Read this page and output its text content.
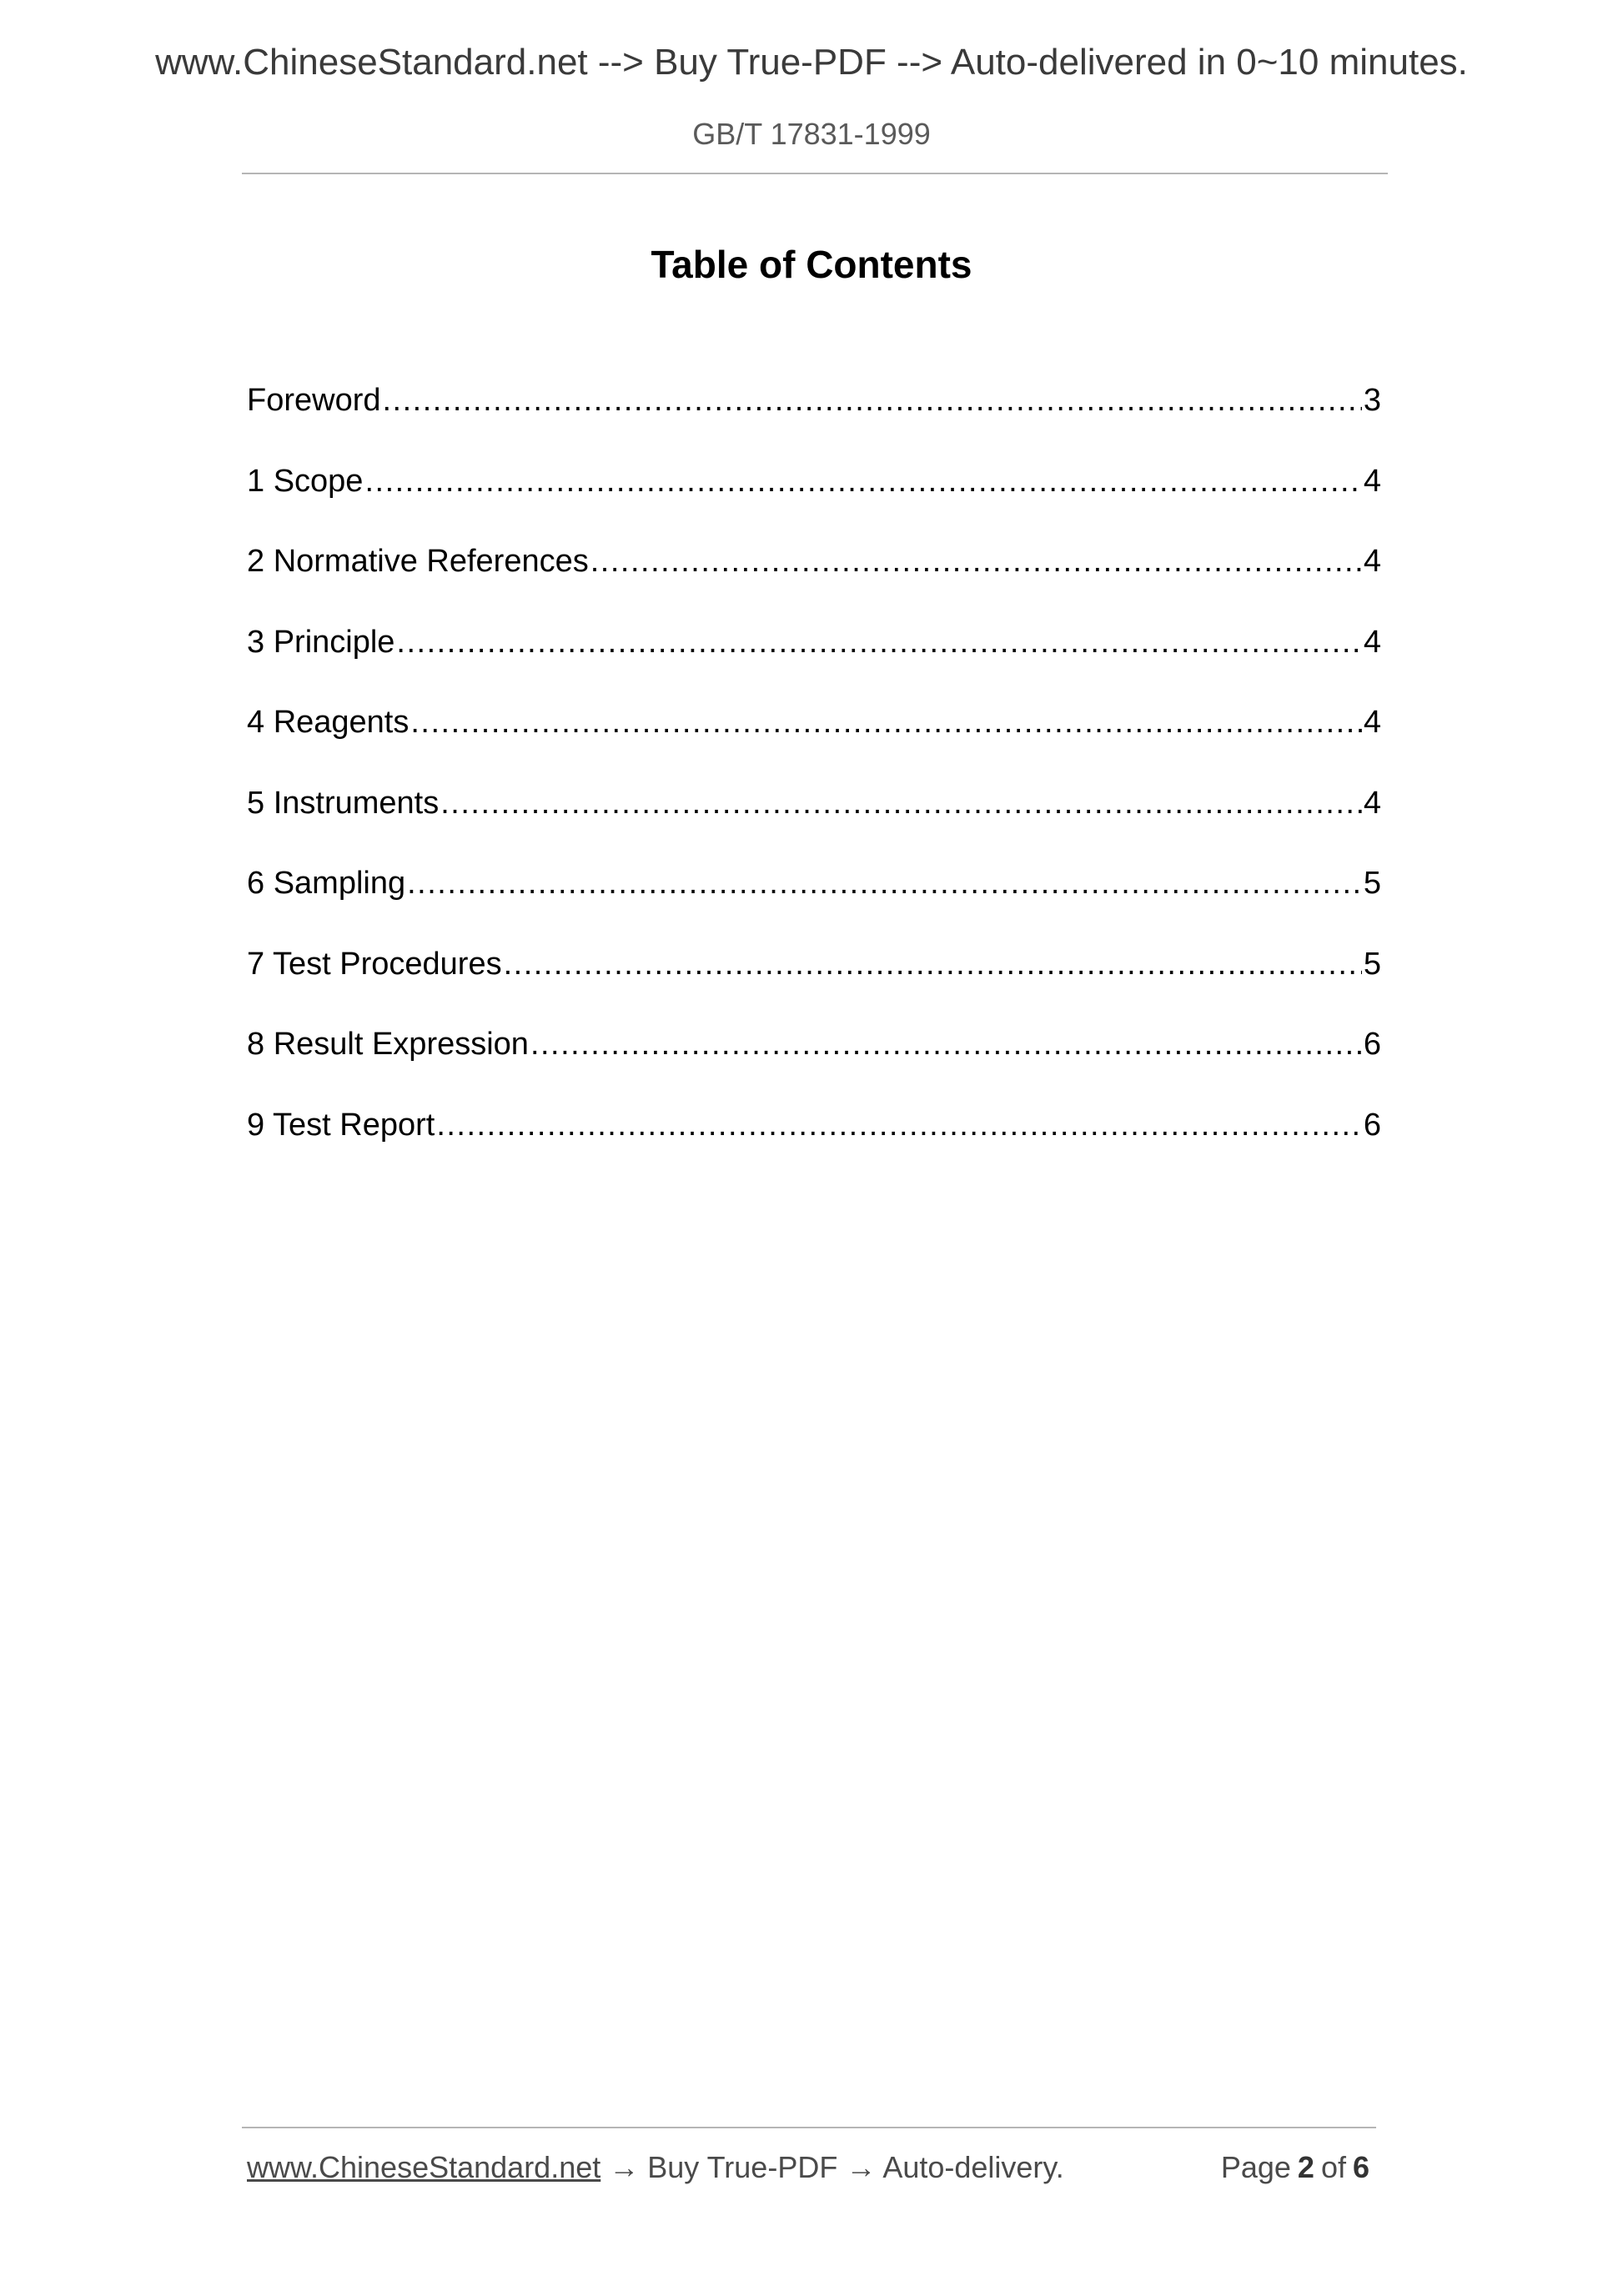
www.ChineseStandard.net --> Buy True-PDF --> Auto-delivered in 0~10 minutes.
GB/T 17831-1999
Table of Contents
Foreword .....	3
1 Scope .....	4
2 Normative References .....	4
3 Principle .....	4
4 Reagents .....	4
5 Instruments .....	4
6 Sampling .....	5
7 Test Procedures .....	5
8 Result Expression .....	6
9 Test Report .....	6
www.ChineseStandard.net → Buy True-PDF → Auto-delivery.	Page 2 of 6
